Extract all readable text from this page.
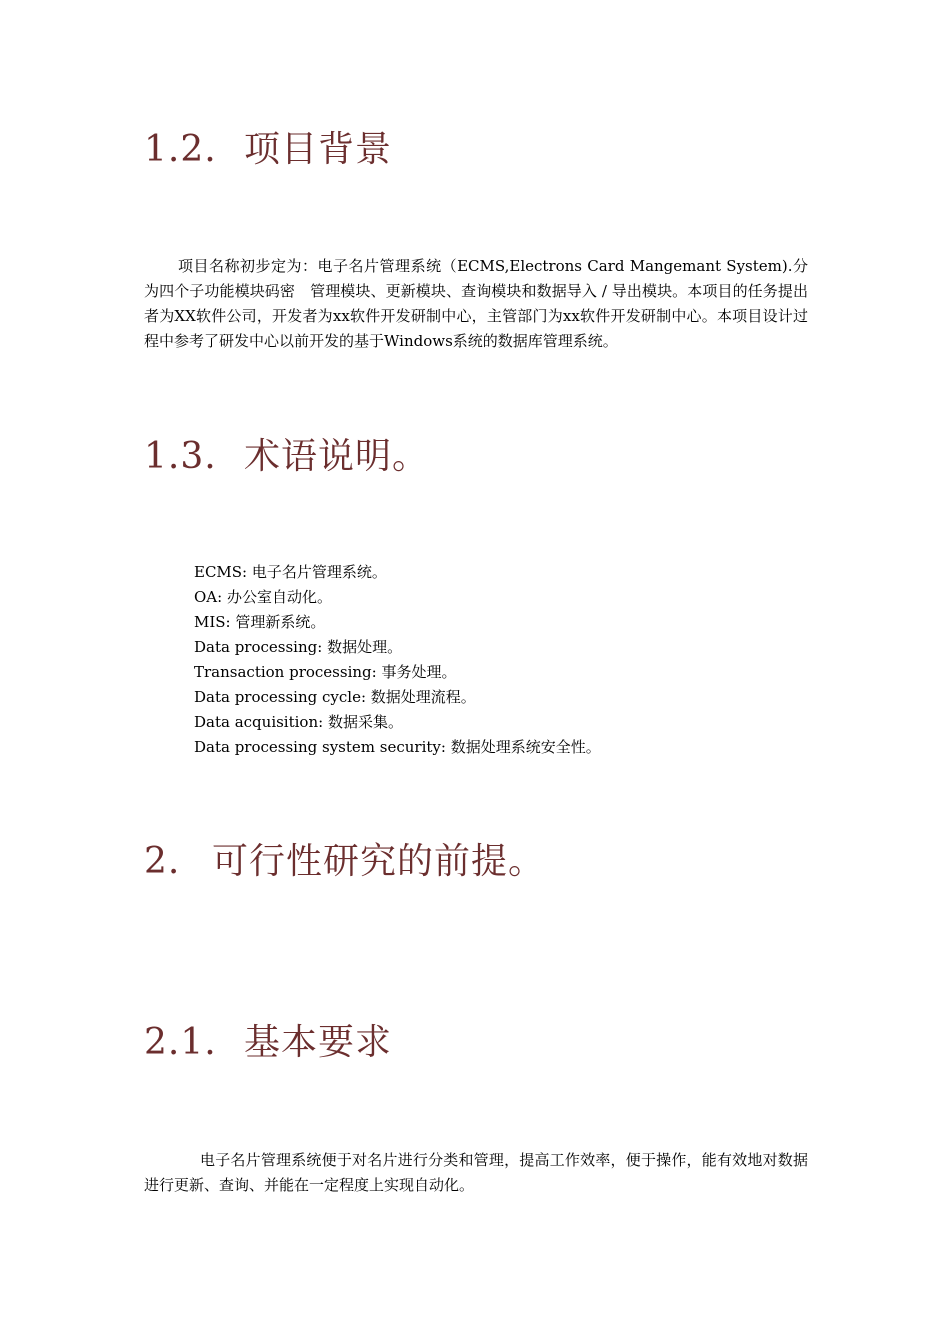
1.2. 项目背景

项目名称初步定为：电子名片管理系统（ECMS,Electrons Card Mangemant System).分为四个子功能模块码密　管理模块、更新模块、查询模块和数据导入 / 导出模块。本项目的任务提出者为XX软件公司，开发者为xx软件开发研制中心，主管部门为xx软件开发研制中心。本项目设计过程中参考了研发中心以前开发的基于Windows系统的数据库管理系统。

1.3. 术语说明。
ECMS: 电子名片管理系统。
OA: 办公室自动化。
MIS: 管理新系统。
Data processing: 数据处理。
Transaction processing: 事务处理。
Data processing cycle: 数据处理流程。
Data acquisition: 数据采集。
Data processing system security: 数据处理系统安全性。
2. 可行性研究的前提。
2.1. 基本要求

电子名片管理系统便于对名片进行分类和管理，提高工作效率，便于操作，能有效地对数据进行更新、查询、并能在一定程度上实现自动化。
